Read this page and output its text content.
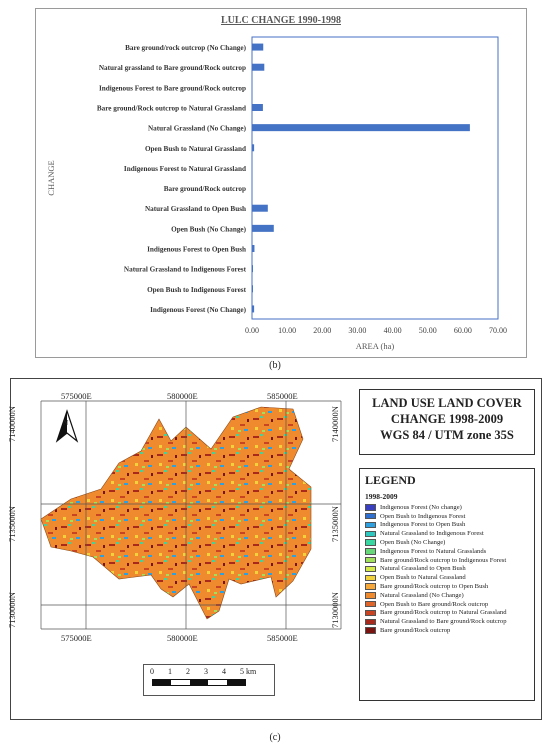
LULC CHANGE 1990-1998
Bare ground/rock outcrop (No Change)
Natural grassland to Bare ground/Rock outcrop
Indigenous Forest to Bare ground/Rock outcrop
Bare ground/Rock outcrop to Natural Grassland
Natural Grassland (No Change)
Open Bush to Natural Grassland
Indigenous Forest to Natural Grassland
Bare ground/Rock outcrop
Natural Grassland to Open Bush
Open Bush (No Change)
Indigenous Forest to Open Bush
Natural Grassland to Indigenous Forest
Open Bush to Indigenous Forest
Indigenous Forest (No Change)
0.00 10.00 20.00 30.00 40.00 50.00 60.00 70.00
AREA (ha)
CHANGE
(b)
575000E	580000E	585000E
575000E	580000E	585000E
7140000N
7135000N
7130000N
7140000N
7135000N
7130000N
N
0 1 2 3 4 5 km
LAND USE LAND COVER
CHANGE 1998-2009
WGS 84 / UTM zone 35S
LEGEND
1998-2009
Indigenous Forest (No change)
Open Bush to Indigenous Forest
Indigenous Forest to Open Bush
Natural Grassland to Indigenous Forest
Open Bush (No Change)
Indigenous Forest to Natural Grasslands
Bare ground/Rock outcrop to Indigenous Forest
Natural Grassland to Open Bush
Open Bush to Natural Grassland
Bare ground/Rock outcrop to Open Bush
Natural Grassland (No Change)
Open Bush to Bare ground/Rock outcrop
Bare ground/Rock outcrop to Natural Grassland
Natural Grassland to Bare ground/Rock outcrop
Bare ground/Rock outcrop
(c)
